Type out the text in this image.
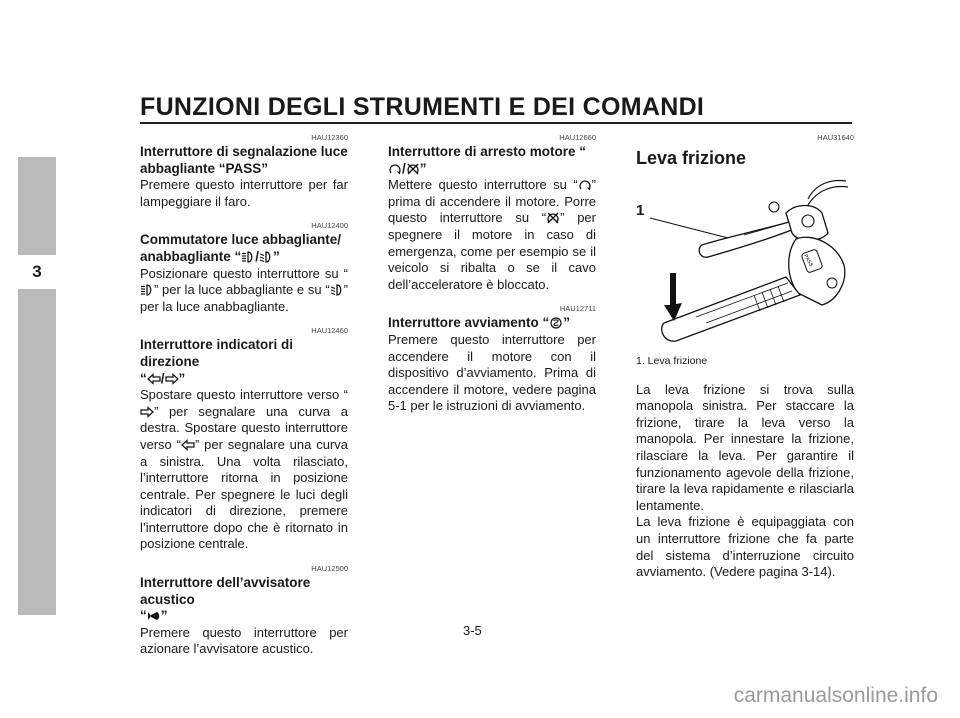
FUNZIONI DEGLI STRUMENTI E DEI COMANDI
3
HAU12360
Interruttore di segnalazione luce abbagliante “PASS”

Premere questo interruttore per far lampeggiare il faro.

HAU12400
Commutatore luce abbagliante/
anabbagliante “ / ”

Posizionare questo interruttore su “
” per la luce abbagliante e su “ ” per la luce anabbagliante.

HAU12460
Interruttore indicatori di direzione
“ / ”

Spostare questo interruttore verso “
” per segnalare una curva a destra. Spostare questo interruttore verso “ ” per segnalare una curva a sinistra. Una volta rilasciato, l’interruttore ritorna in posizione centrale. Per spegnere le luci degli indicatori di direzione, premere l’interruttore dopo che è ritornato in posizione centrale.

HAU12500
Interruttore dell’avvisatore acustico
“ ”

Premere questo interruttore per azionare l’avvisatore acustico.

HAU12660
Interruttore di arresto motore “
/ ”

Mettere questo interruttore su “ ” prima di accendere il motore. Porre questo interruttore su “ ” per spegnere il motore in caso di emergenza, come per esempio se il veicolo si ribalta o se il cavo dell’acceleratore è bloccato.

HAU12711
Interruttore avviamento “ ”

Premere questo interruttore per accendere il motore con il dispositivo d’avviamento. Prima di accendere il motore, vedere pagina 5-1 per le istruzioni di avviamento.

HAU31640
Leva frizione
1
PASS
1. Leva frizione

La leva frizione si trova sulla manopola sinistra. Per staccare la frizione, tirare la leva verso la manopola. Per innestare la frizione, rilasciare la leva. Per garantire il funzionamento agevole della frizione, tirare la leva rapidamente e rilasciarla lentamente.

La leva frizione è equipaggiata con un interruttore frizione che fa parte del sistema d’interruzione circuito avviamento. (Vedere pagina 3-14).

3-5
carmanualsonline.info
